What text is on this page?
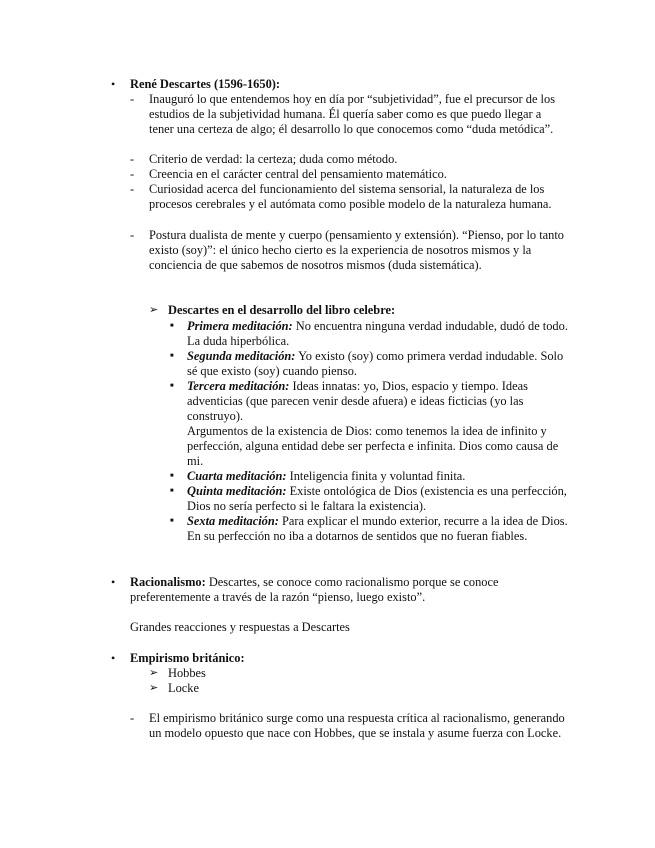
• René Descartes (1596-1650):
- Inauguró lo que entendemos hoy en día por “subjetividad”, fue el precursor de los estudios de la subjetividad humana. Él quería saber como es que puedo llegar a tener una certeza de algo; él desarrollo lo que conocemos como “duda metódica”.
- Criterio de verdad: la certeza; duda como método.
- Creencia en el carácter central del pensamiento matemático.
- Curiosidad acerca del funcionamiento del sistema sensorial, la naturaleza de los procesos cerebrales y el autómata como posible modelo de la naturaleza humana.
- Postura dualista de mente y cuerpo (pensamiento y extensión). “Pienso, por lo tanto existo (soy)”: el único hecho cierto es la experiencia de nosotros mismos y la conciencia de que sabemos de nosotros mismos (duda sistemática).
➢ Descartes en el desarrollo del libro celebre:
■ Primera meditación: No encuentra ninguna verdad indudable, dudó de todo. La duda hiperbólica.
■ Segunda meditación: Yo existo (soy) como primera verdad indudable. Solo sé que existo (soy) cuando pienso.
■ Tercera meditación: Ideas innatas: yo, Dios, espacio y tiempo. Ideas adventicias (que parecen venir desde afuera) e ideas ficticias (yo las construyo).
Argumentos de la existencia de Dios: como tenemos la idea de infinito y perfección, alguna entidad debe ser perfecta e infinita. Dios como causa de mi.
■ Cuarta meditación: Inteligencia finita y voluntad finita.
■ Quinta meditación: Existe ontológica de Dios (existencia es una perfección, Dios no sería perfecto si le faltara la existencia).
■ Sexta meditación: Para explicar el mundo exterior, recurre a la idea de Dios. En su perfección no iba a dotarnos de sentidos que no fueran fiables.
• Racionalismo: Descartes, se conoce como racionalismo porque se conoce preferentemente a través de la razón “pienso, luego existo”.
Grandes reacciones y respuestas a Descartes
• Empirismo británico:
➢ Hobbes
➢ Locke
- El empirismo británico surge como una respuesta crítica al racionalismo, generando un modelo opuesto que nace con Hobbes, que se instala y asume fuerza con Locke.
